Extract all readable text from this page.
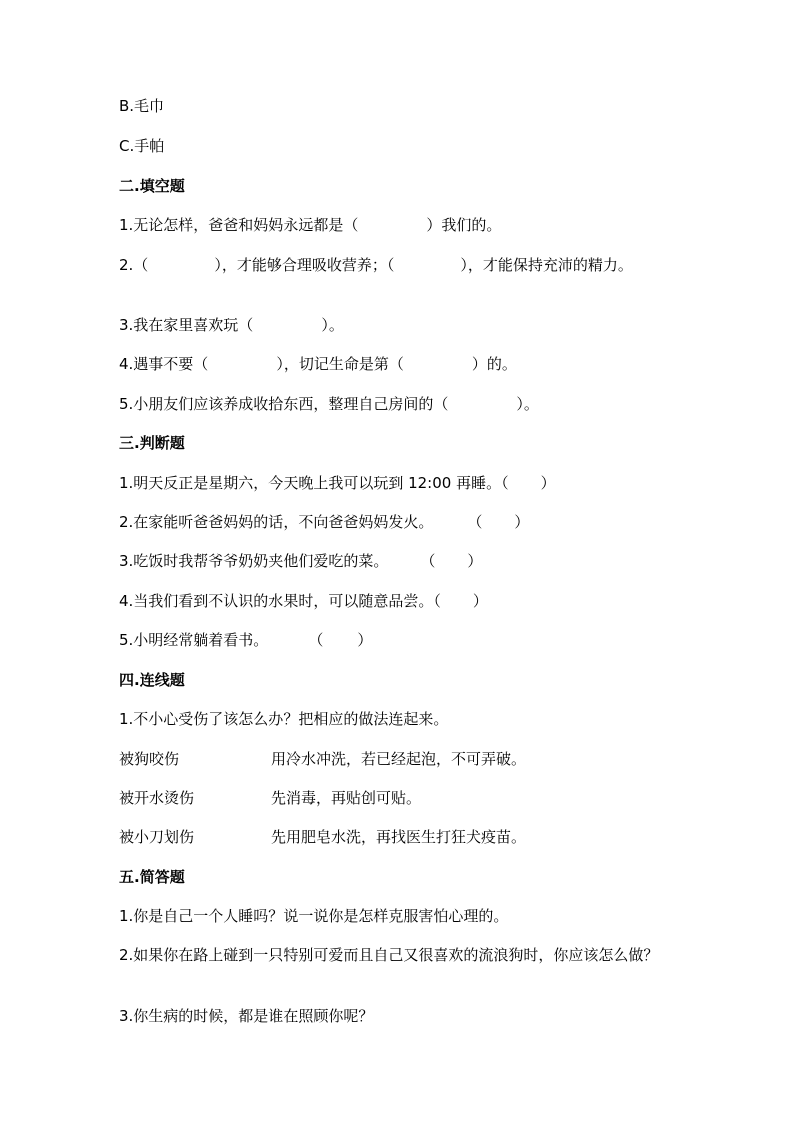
B.毛巾
C.手帕
二.填空题
1.无论怎样，爸爸和妈妈永远都是（	）我们的。
2.（	），才能够合理吸收营养；（	），才能保持充沛的精力。
3.我在家里喜欢玩（	）。
4.遇事不要（	），切记生命是第（	）的。
5.小朋友们应该养成收拾东西，整理自己房间的（	）。
三.判断题
1.明天反正是星期六，今天晚上我可以玩到 12:00 再睡。（ ）
2.在家能听爸爸妈妈的话，不向爸爸妈妈发火。 （ ）
3.吃饭时我帮爷爷奶奶夹他们爱吃的菜。 （ ）
4.当我们看到不认识的水果时，可以随意品尝。（ ）
5.小明经常躺着看书。	（ ）
四.连线题
1.不小心受伤了该怎么办？把相应的做法连起来。
被狗咬伤	用冷水冲洗，若已经起泡，不可弄破。
被开水烫伤	先消毒，再贴创可贴。
被小刀划伤	先用肥皂水洗，再找医生打狂犬疫苗。
五.简答题
1.你是自己一个人睡吗？说一说你是怎样克服害怕心理的。
2.如果你在路上碰到一只特别可爱而且自己又很喜欢的流浪狗时，你应该怎么做？
3.你生病的时候，都是谁在照顾你呢？
